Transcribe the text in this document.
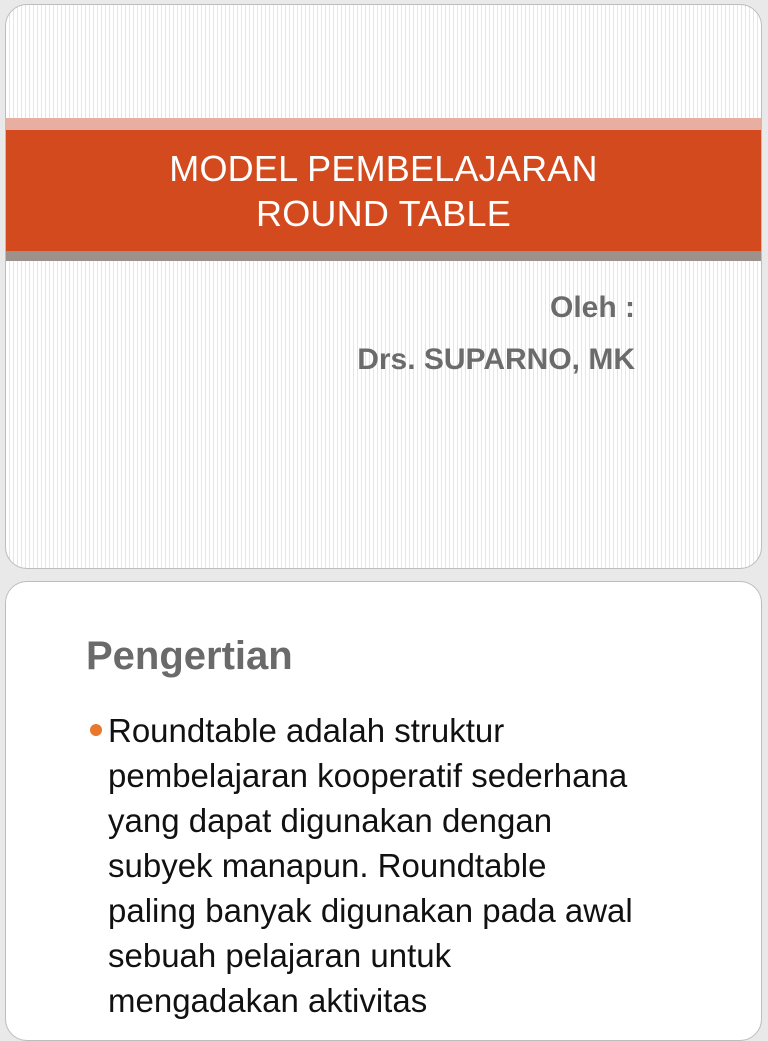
MODEL PEMBELAJARAN
ROUND TABLE
Oleh :
Drs. SUPARNO, MK
Pengertian
Roundtable adalah struktur
pembelajaran kooperatif sederhana
yang dapat digunakan dengan
subyek manapun. Roundtable
paling banyak digunakan pada awal
sebuah pelajaran untuk
mengadakan aktivitas
